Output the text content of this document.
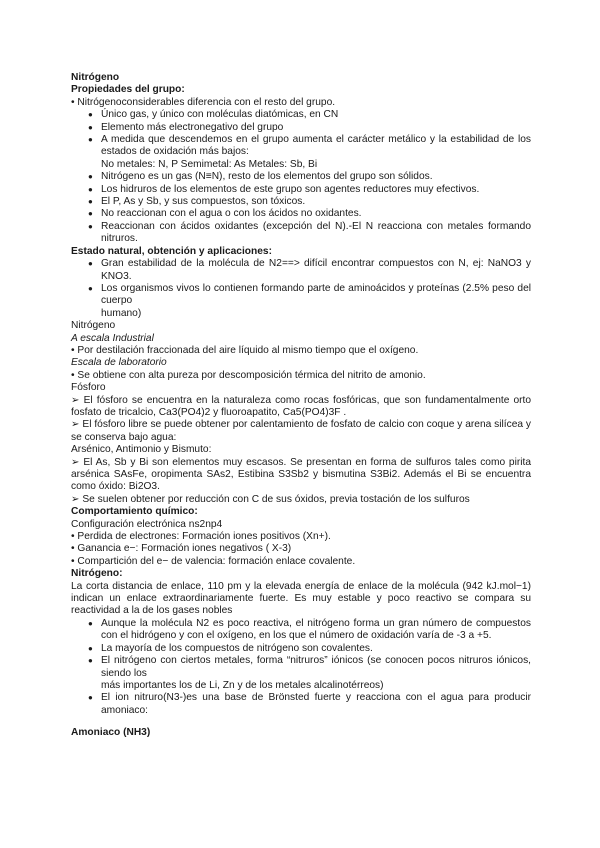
Nitrógeno

Propiedades del grupo:

• Nitrógenoconsiderables diferencia con el resto del grupo.

● Único gas, y único con moléculas diatómicas, en CN
● Elemento más electronegativo del grupo
● A medida que descendemos en el grupo aumenta el carácter metálico y la estabilidad de los estados de oxidación más bajos:
No metales: N, P Semimetal: As Metales: Sb, Bi
● Nitrógeno es un gas (N≡N), resto de los elementos del grupo son sólidos.
● Los hidruros de los elementos de este grupo son agentes reductores muy efectivos.
● El P, As y Sb, y sus compuestos, son tóxicos.
● No reaccionan con el agua o con los ácidos no oxidantes.
● Reaccionan con ácidos oxidantes (excepción del N).-El N reacciona con metales formando nitruros.

Estado natural, obtención y aplicaciones:

● Gran estabilidad de la molécula de N2==> difícil encontrar compuestos con N, ej: NaNO3 y KNO3.
● Los organismos vivos lo contienen formando parte de aminoácidos y proteínas (2.5% peso del cuerpo
humano)

Nitrógeno

A escala Industrial

• Por destilación fraccionada del aire líquido al mismo tiempo que el oxígeno.

Escala de laboratorio

• Se obtiene con alta pureza por descomposición térmica del nitrito de amonio.

Fósforo

➢ El fósforo se encuentra en la naturaleza como rocas fosfóricas, que son fundamentalmente orto fosfato de tricalcio, Ca3(PO4)2 y fluoroapatito, Ca5(PO4)3F .

➢ El fósforo libre se puede obtener por calentamiento de fosfato de calcio con coque y arena silícea y se conserva bajo agua:

Arsénico, Antimonio y Bismuto:

➢ El As, Sb y Bi son elementos muy escasos. Se presentan en forma de sulfuros tales como pirita arsénica SAsFe, oropimenta SAs2, Estibina S3Sb2 y bismutina S3Bi2. Además el Bi se encuentra como óxido: Bi2O3.

➢ Se suelen obtener por reducción con C de sus óxidos, previa tostación de los sulfuros

Comportamiento químico:

Configuración electrónica ns2np4

• Perdida de electrones: Formación iones positivos (Xn+).

• Ganancia e−: Formación iones negativos ( X-3)

• Compartición del e− de valencia: formación enlace covalente.

Nitrógeno:

La corta distancia de enlace, 110 pm y la elevada energía de enlace de la molécula (942 kJ.mol−1) indican un enlace extraordinariamente fuerte. Es muy estable y poco reactivo se compara su reactividad a la de los gases nobles

● Aunque la molécula N2 es poco reactiva, el nitrógeno forma un gran número de compuestos con el hidrógeno y con el oxígeno, en los que el número de oxidación varía de -3 a +5.
● La mayoría de los compuestos de nitrógeno son covalentes.
● El nitrógeno con ciertos metales, forma “nitruros” iónicos (se conocen pocos nitruros iónicos, siendo los
más importantes los de Li, Zn y de los metales alcalinotérreos)
● El ion nitruro(N3-)es una base de Brönsted fuerte y reacciona con el agua para producir amoniaco:

Amoniaco (NH3)
